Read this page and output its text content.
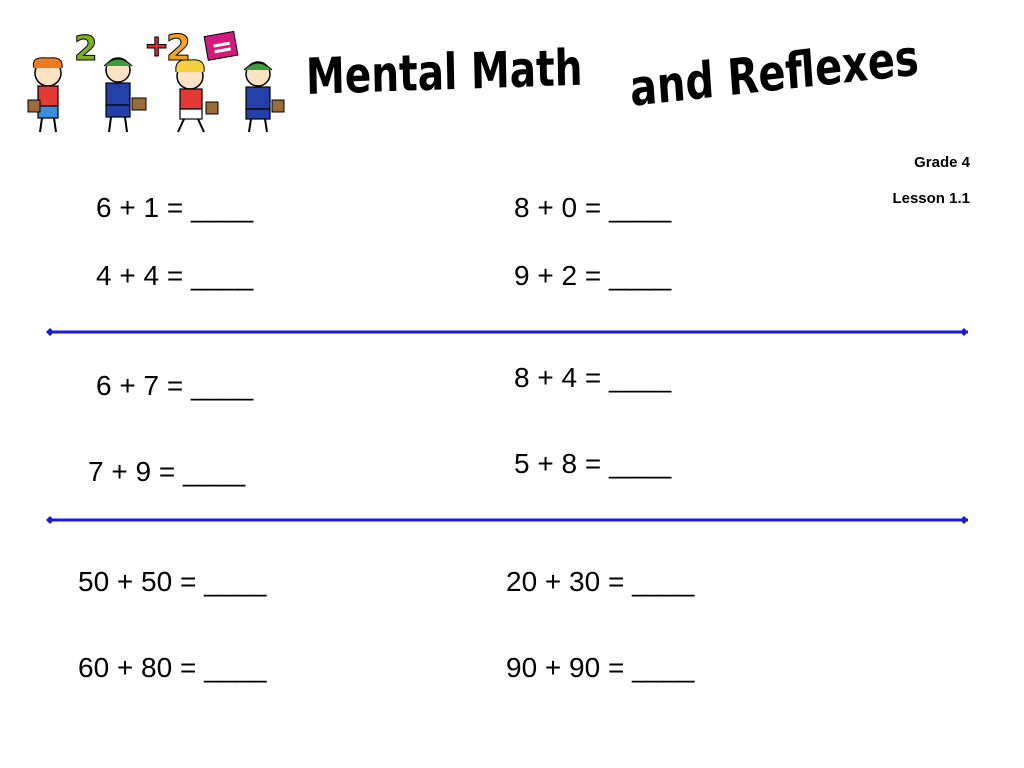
2 +
2 = Mental Math and Reflexes
Grade 4
Lesson 1.1
6 + 1 = ____	8 + 0 = ____
4 + 4 = ____	9 + 2 = ____
6 + 7 = ____	8 + 4 = ____
7 + 9 = ____	5 + 8 = ____
50 + 50 = ____	20 + 30 = ____
60 + 80 = ____	90 + 90 = ____
